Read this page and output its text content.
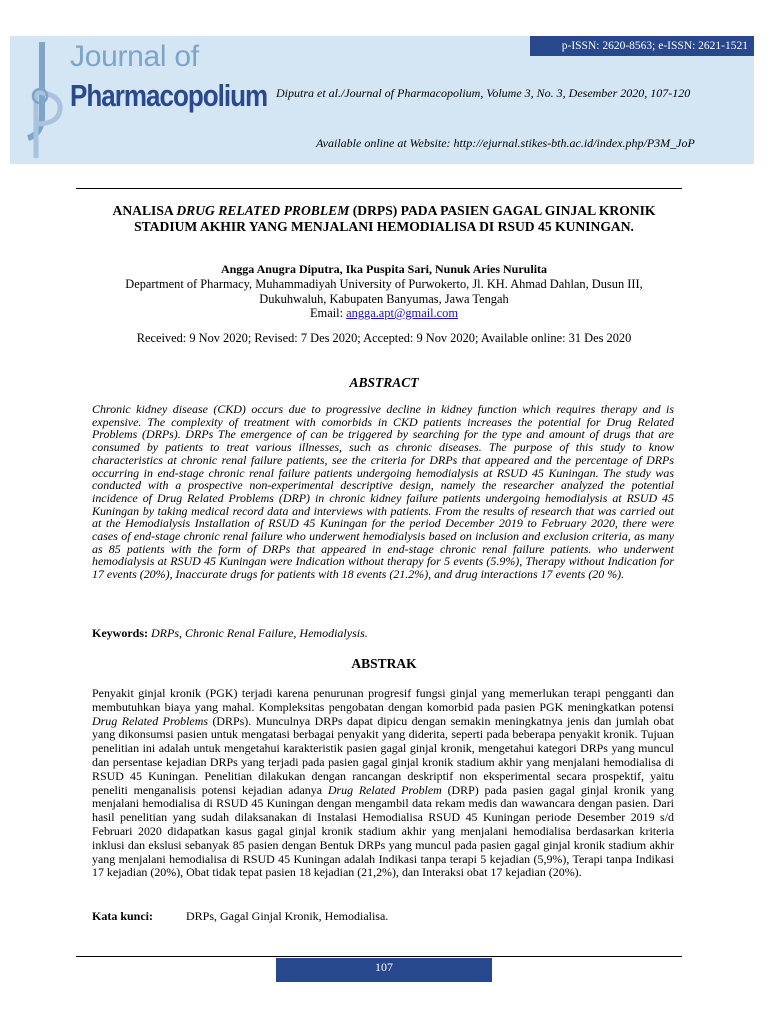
p-ISSN: 2620-8563; e-ISSN: 2621-1521
Journal of
Pharmacopolium Diputra et al./Journal of Pharmacopolium, Volume 3, No. 3, Desember 2020, 107-120
Available online at Website: http://ejurnal.stikes-bth.ac.id/index.php/P3M_JoP
ANALISA DRUG RELATED PROBLEM (DRPS) PADA PASIEN GAGAL GINJAL KRONIK STADIUM AKHIR YANG MENJALANI HEMODIALISA DI RSUD 45 KUNINGAN.
Angga Anugra Diputra, Ika Puspita Sari, Nunuk Aries Nurulita
Department of Pharmacy, Muhammadiyah University of Purwokerto, Jl. KH. Ahmad Dahlan, Dusun III, Dukuhwaluh, Kabupaten Banyumas, Jawa Tengah
Email: angga.apt@gmail.com
Received: 9 Nov 2020; Revised: 7 Des 2020; Accepted: 9 Nov 2020; Available online: 31 Des 2020
ABSTRACT
Chronic kidney disease (CKD) occurs due to progressive decline in kidney function which requires therapy and is expensive. The complexity of treatment with comorbids in CKD patients increases the potential for Drug Related Problems (DRPs). DRPs The emergence of can be triggered by searching for the type and amount of drugs that are consumed by patients to treat various illnesses, such as chronic diseases. The purpose of this study to know characteristics at chronic renal failure patients, see the criteria for DRPs that appeared and the percentage of DRPs occurring in end-stage chronic renal failure patients undergoing hemodialysis at RSUD 45 Kuningan. The study was conducted with a prospective non-experimental descriptive design, namely the researcher analyzed the potential incidence of Drug Related Problems (DRP) in chronic kidney failure patients undergoing hemodialysis at RSUD 45 Kuningan by taking medical record data and interviews with patients. From the results of research that was carried out at the Hemodialysis Installation of RSUD 45 Kuningan for the period December 2019 to February 2020, there were cases of end-stage chronic renal failure who underwent hemodialysis based on inclusion and exclusion criteria, as many as 85 patients with the form of DRPs that appeared in end-stage chronic renal failure patients. who underwent hemodialysis at RSUD 45 Kuningan were Indication without therapy for 5 events (5.9%), Therapy without Indication for 17 events (20%), Inaccurate drugs for patients with 18 events (21.2%), and drug interactions 17 events (20 %).
Keywords: DRPs, Chronic Renal Failure, Hemodialysis.
ABSTRAK
Penyakit ginjal kronik (PGK) terjadi karena penurunan progresif fungsi ginjal yang memerlukan terapi pengganti dan membutuhkan biaya yang mahal. Kompleksitas pengobatan dengan komorbid pada pasien PGK meningkatkan potensi Drug Related Problems (DRPs). Munculnya DRPs dapat dipicu dengan semakin meningkatnya jenis dan jumlah obat yang dikonsumsi pasien untuk mengatasi berbagai penyakit yang diderita, seperti pada beberapa penyakit kronik. Tujuan penelitian ini adalah untuk mengetahui karakteristik pasien gagal ginjal kronik, mengetahui kategori DRPs yang muncul dan persentase kejadian DRPs yang terjadi pada pasien gagal ginjal kronik stadium akhir yang menjalani hemodialisa di RSUD 45 Kuningan. Penelitian dilakukan dengan rancangan deskriptif non eksperimental secara prospektif, yaitu peneliti menganalisis potensi kejadian adanya Drug Related Problem (DRP) pada pasien gagal ginjal kronik yang menjalani hemodialisa di RSUD 45 Kuningan dengan mengambil data rekam medis dan wawancara dengan pasien. Dari hasil penelitian yang sudah dilaksanakan di Instalasi Hemodialisa RSUD 45 Kuningan periode Desember 2019 s/d Februari 2020 didapatkan kasus gagal ginjal kronik stadium akhir yang menjalani hemodialisa berdasarkan kriteria inklusi dan ekslusi sebanyak 85 pasien dengan Bentuk DRPs yang muncul pada pasien gagal ginjal kronik stadium akhir yang menjalani hemodialisa di RSUD 45 Kuningan adalah Indikasi tanpa terapi 5 kejadian (5,9%), Terapi tanpa Indikasi 17 kejadian (20%), Obat tidak tepat pasien 18 kejadian (21,2%), dan Interaksi obat 17 kejadian (20%).
Kata kunci:	DRPs, Gagal Ginjal Kronik, Hemodialisa.
107
